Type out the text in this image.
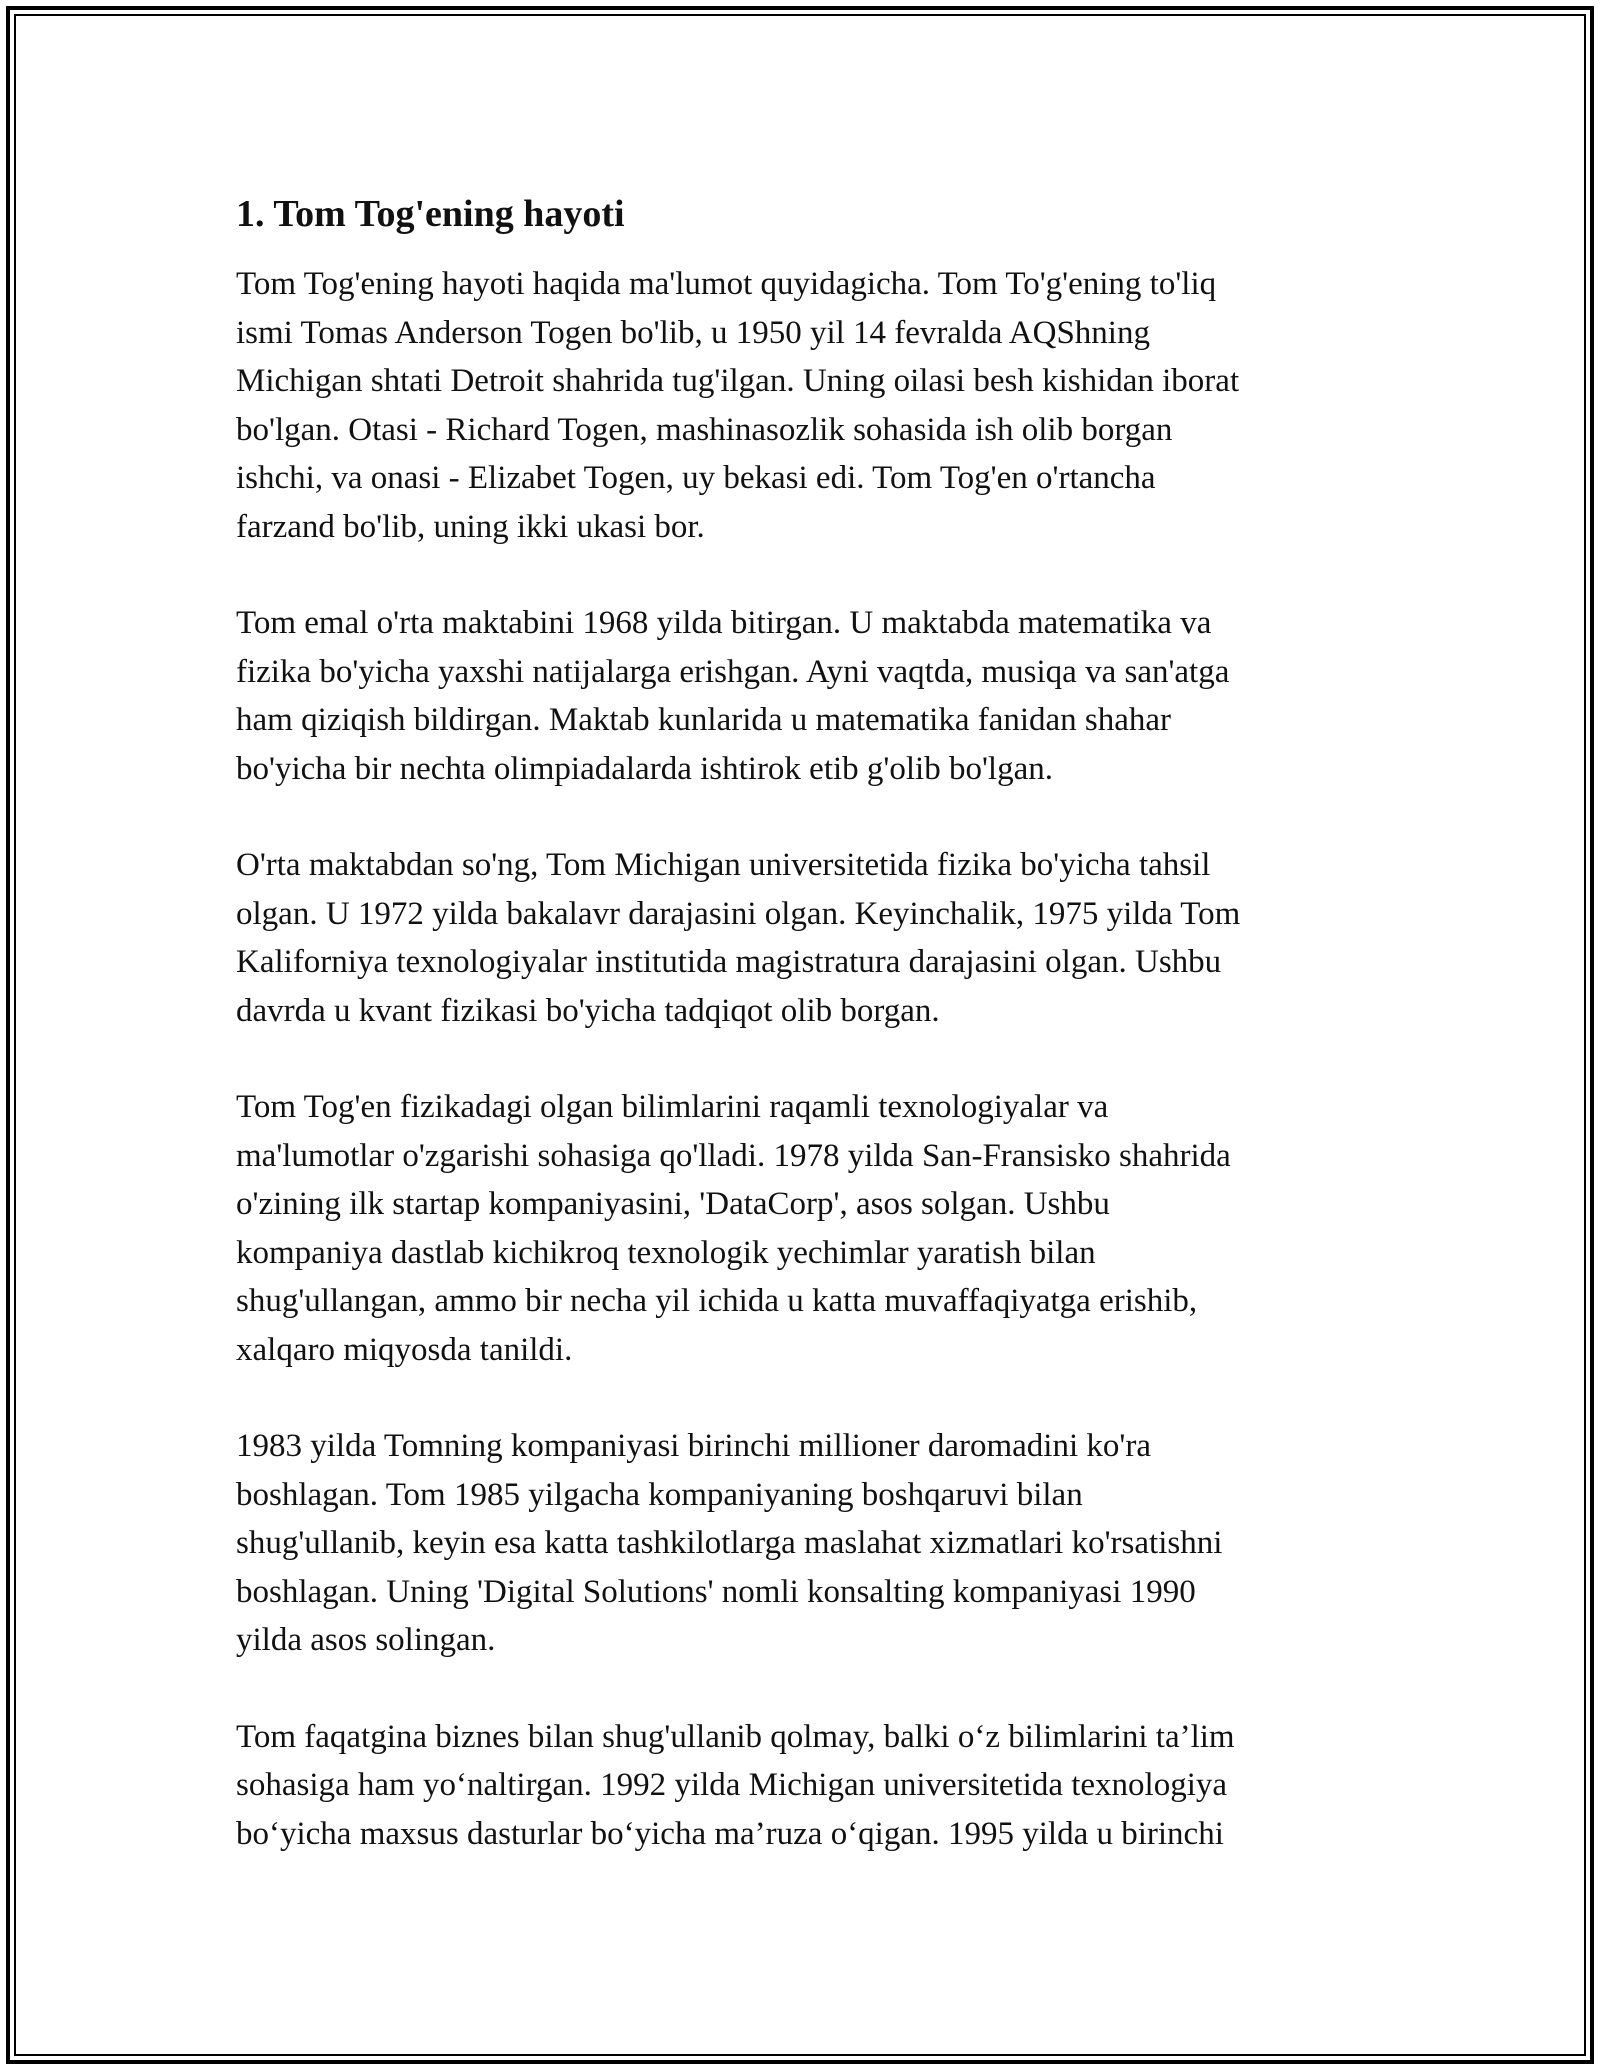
1. Tom Tog'ening hayoti

Tom Tog'ening hayoti haqida ma'lumot quyidagicha. Tom To'g'ening to'liq
ismi Tomas Anderson Togen bo'lib, u 1950 yil 14 fevralda AQShning
Michigan shtati Detroit shahrida tug'ilgan. Uning oilasi besh kishidan iborat
bo'lgan. Otasi - Richard Togen, mashinasozlik sohasida ish olib borgan
ishchi, va onasi - Elizabet Togen, uy bekasi edi. Tom Tog'en o'rtancha
farzand bo'lib, uning ikki ukasi bor.

Tom emal o'rta maktabini 1968 yilda bitirgan. U maktabda matematika va
fizika bo'yicha yaxshi natijalarga erishgan. Ayni vaqtda, musiqa va san'atga
ham qiziqish bildirgan. Maktab kunlarida u matematika fanidan shahar
bo'yicha bir nechta olimpiadalarda ishtirok etib g'olib bo'lgan.

O'rta maktabdan so'ng, Tom Michigan universitetida fizika bo'yicha tahsil
olgan. U 1972 yilda bakalavr darajasini olgan. Keyinchalik, 1975 yilda Tom
Kaliforniya texnologiyalar institutida magistratura darajasini olgan. Ushbu
davrda u kvant fizikasi bo'yicha tadqiqot olib borgan.

Tom Tog'en fizikadagi olgan bilimlarini raqamli texnologiyalar va
ma'lumotlar o'zgarishi sohasiga qo'lladi. 1978 yilda San-Fransisko shahrida
o'zining ilk startap kompaniyasini, 'DataCorp', asos solgan. Ushbu
kompaniya dastlab kichikroq texnologik yechimlar yaratish bilan
shug'ullangan, ammo bir necha yil ichida u katta muvaffaqiyatga erishib,
xalqaro miqyosda tanildi.

1983 yilda Tomning kompaniyasi birinchi millioner daromadini ko'ra
boshlagan. Tom 1985 yilgacha kompaniyaning boshqaruvi bilan
shug'ullanib, keyin esa katta tashkilotlarga maslahat xizmatlari ko'rsatishni
boshlagan. Uning 'Digital Solutions' nomli konsalting kompaniyasi 1990
yilda asos solingan.

Tom faqatgina biznes bilan shug'ullanib qolmay, balki o‘z bilimlarini ta’lim
sohasiga ham yo‘naltirgan. 1992 yilda Michigan universitetida texnologiya
bo‘yicha maxsus dasturlar bo‘yicha ma’ruza o‘qigan. 1995 yilda u birinchi
